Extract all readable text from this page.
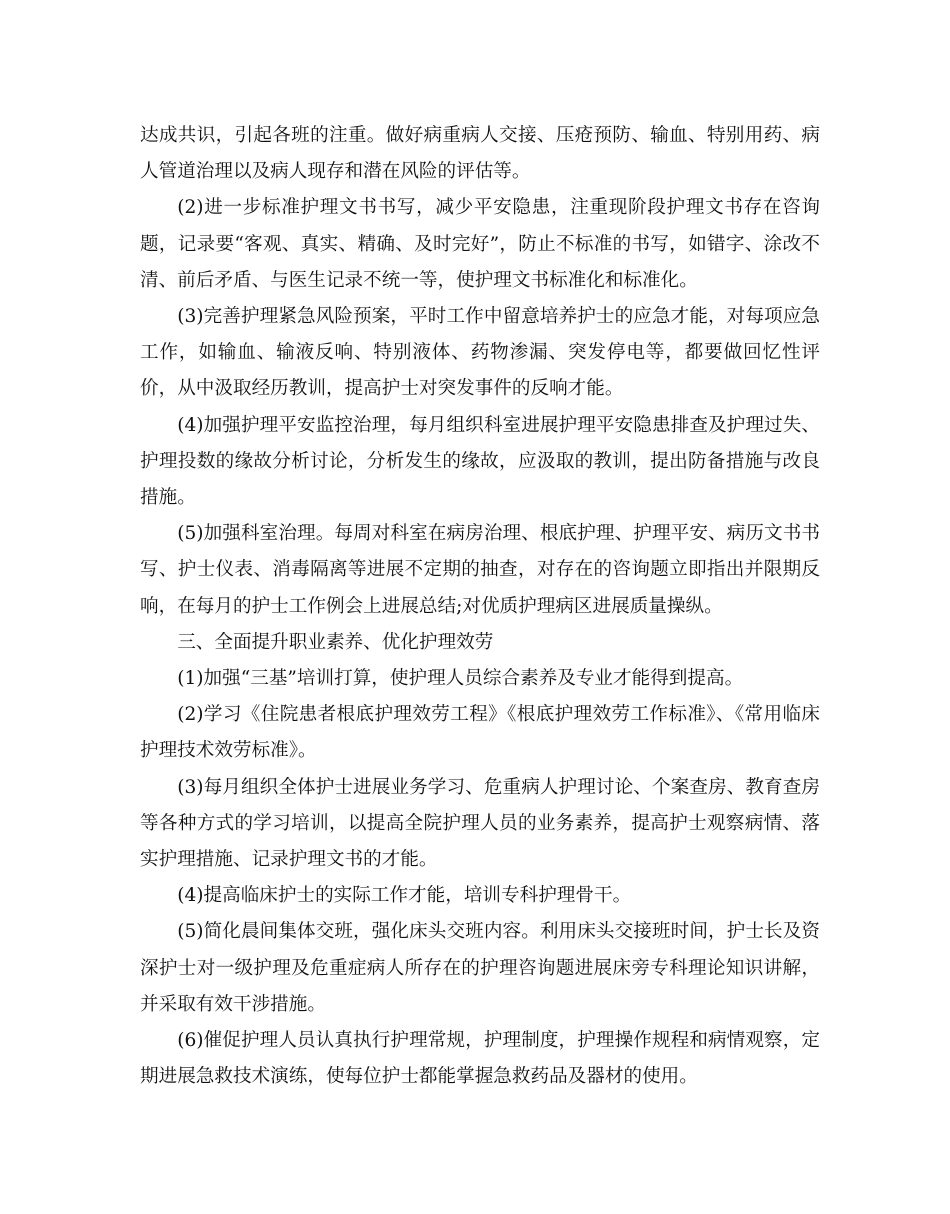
达成共识，引起各班的注重。做好病重病人交接、压疮预防、输血、特别用药、病人管道治理以及病人现存和潜在风险的评估等。

(2)进一步标准护理文书书写，减少平安隐患，注重现阶段护理文书存在咨询题，记录要“客观、真实、精确、及时完好”，防止不标准的书写，如错字、涂改不清、前后矛盾、与医生记录不统一等，使护理文书标准化和标准化。

(3)完善护理紧急风险预案，平时工作中留意培养护士的应急才能，对每项应急工作，如输血、输液反响、特别液体、药物渗漏、突发停电等，都要做回忆性评价，从中汲取经历教训，提高护士对突发事件的反响才能。

(4)加强护理平安监控治理，每月组织科室进展护理平安隐患排查及护理过失、护理投数的缘故分析讨论，分析发生的缘故，应汲取的教训，提出防备措施与改良措施。

(5)加强科室治理。每周对科室在病房治理、根底护理、护理平安、病历文书书写、护士仪表、消毒隔离等进展不定期的抽查，对存在的咨询题立即指出并限期反响，在每月的护士工作例会上进展总结;对优质护理病区进展质量操纵。

三、全面提升职业素养、优化护理效劳

(1)加强“三基”培训打算，使护理人员综合素养及专业才能得到提高。

(2)学习《住院患者根底护理效劳工程》《根底护理效劳工作标准》、《常用临床护理技术效劳标准》。

(3)每月组织全体护士进展业务学习、危重病人护理讨论、个案查房、教育查房等各种方式的学习培训，以提高全院护理人员的业务素养，提高护士观察病情、落实护理措施、记录护理文书的才能。

(4)提高临床护士的实际工作才能，培训专科护理骨干。

(5)简化晨间集体交班，强化床头交班内容。利用床头交接班时间，护士长及资深护士对一级护理及危重症病人所存在的护理咨询题进展床旁专科理论知识讲解，并采取有效干涉措施。

(6)催促护理人员认真执行护理常规，护理制度，护理操作规程和病情观察，定期进展急救技术演练，使每位护士都能掌握急救药品及器材的使用。
